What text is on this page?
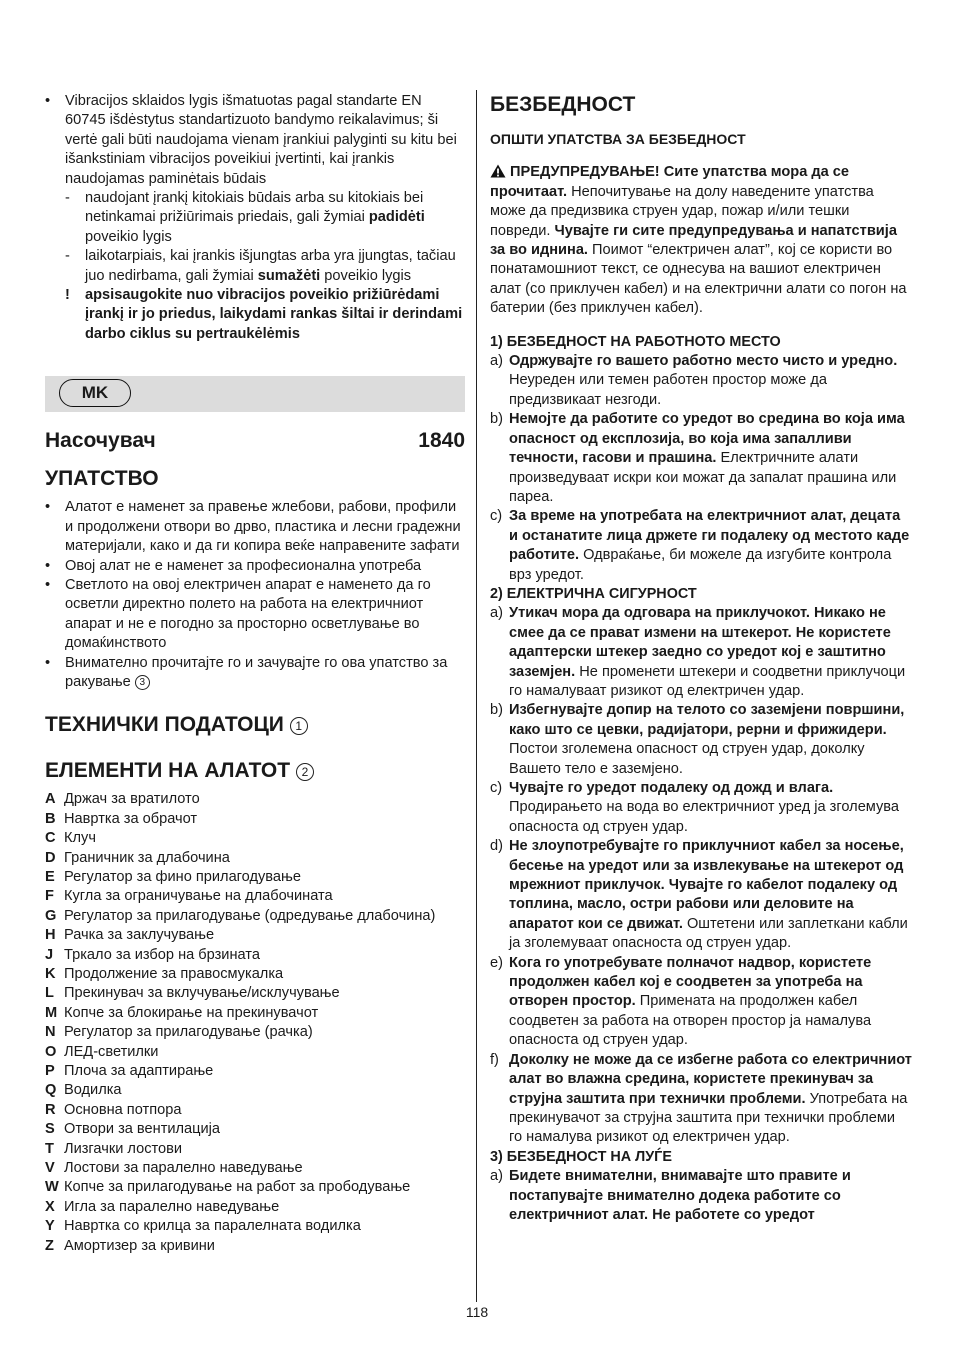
• Vibracijos sklaidos lygis išmatuotas pagal standarte EN 60745 išdėstytus standartizuoto bandymo reikalavimus; ši vertė gali būti naudojama vienam įrankiui palyginti su kitu bei išankstiniam vibracijos poveikiui įvertinti, kai įrankis naudojamas paminėtais būdais
- naudojant įrankį kitokiais būdais arba su kitokiais bei netinkamai prižiūrimais priedais, gali žymiai padidėti poveikio lygis
- laikotarpiais, kai įrankis išjungtas arba yra įjungtas, tačiau juo nedirbama, gali žymiai sumažėti poveikio lygis
! apsisaugokite nuo vibracijos poveikio prižiūrėdami įrankį ir jo priedus, laikydami rankas šiltai ir derindami darbo ciklus su pertraukėlėmis
MK
Насочувач	1840
УПАТСТВО
• Алатот е наменет за правење жлебови, рабови, профили и продолжени отвори во дрво, пластика и лесни градежни материјали, како и да ги копира веќе направените зафати
• Овој алат не е наменет за професионална употреба
• Светлото на овој електричен апарат е наменето да го осветли директно полето на работа на електричниот апарат и не е погодно за просторно осветлување во домаќинството
• Внимателно прочитајте го и зачувајте го ова упатство за ракување 3
ТЕХНИЧКИ ПОДАТОЦИ 1
ЕЛЕМЕНТИ НА АЛАТОТ 2
A Држач за вратилото
B Навртка за обрачот
C Клуч
D Граничник за длабочина
E Регулатор за фино прилагодување
F Кугла за ограничување на длабочината
G Регулатор за прилагодување (одредување длабочина)
H Рачка за заклучување
J Тркало за избор на брзината
K Продолжение за правосмукалка
L Прекинувач за вклучување/исклучување
M Копче за блокирање на прекинувачот
N Регулатор за прилагодување (рачка)
O ЛЕД-светилки
P Плоча за адаптирање
Q Водилка
R Основна потпора
S Отвори за вентилација
T Лизгачки лостови
V Лостови за паралелно наведување
W Копче за прилагодување на работ за прободување
X Игла за паралелно наведување
Y Навртка со крилца за паралелната водилка
Z Амортизер за кривини
БЕЗБЕДНОСТ
ОПШТИ УПАТСТВА ЗА БЕЗБЕДНОСТ
ПРЕДУПРЕДУВАЊЕ! Сите упатства мора да се прочитаат. Непочитување на долу наведените упатства може да предизвика струен удар, пожар и/или тешки повреди. Чувајте ги сите предупредувања и напатствија за во иднина. Поимот “електричен алат”, кој се користи во понатамошниот текст, се однесува на вашиот електричен алат (со приклучен кабел) и на електрични алати со погон на батерии (без приклучен кабел).
1) БЕЗБЕДНОСТ НА РАБОТНОТО МЕСТО
a) Одржувајте го вашето работно место чисто и уредно. Неуреден или темен работен простор може да предизвикaат незгоди.
b) Немојте да работите со уредот во средина во која има опасност од експлозија, во која има запалливи течности, гасови и прашина. Електричните алати произведуваат искри кои можат да запалат прашина или пареа.
c) За време на употребата на електричниот алат, децата и останатите лица држете ги подалеку од местото каде работите. Одвраќање, би можеле да изгубите контрола врз уредот.
2) ЕЛЕКТРИЧНА СИГУРНОСТ
a) Утикач мора да одговара на приклучокот. Никако не смее да се прават измени на штекерот. Не користете адаптерски штекер заедно со уредот кој е заштитно заземјен. Не променети штекери и соодветни приклучоци го намалуваат ризикот од електричен удар.
b) Избегнувајте допир на телото со заземјени површини, како што се цевки, радијатори, рерни и фрижидери. Постои зголемена опасност од струен удар, доколку Вашето тело е заземјено.
c) Чувајте го уредот подалеку од дожд и влага. Продирањето на вода во електричниот уред ја зголемува опасноста од струен удар.
d) Не злоупотребувајте го приклучниот кабел за носење, бесење на уредот или за извлекување на штекерот од мрежниот приклучок. Чувајте го кабелот подалеку од топлина, масло, остри рабови или деловите на апаратот кои се движат. Оштетени или заплеткани кабли ја зголемуваат опасноста од струен удар.
e) Кога го употребувате полначот надвор, користете продолжен кабел кој е соодветен за употреба на отворен простор. Примената на продолжен кабел соодветен за работа на отворен простор ја намалува опасноста од струен удар.
f) Доколку не може да се избегне работа со електричниот алат во влажна средина, користете прекинувач за струјна заштита при технички проблеми. Употребата на прекинувачот за струјна заштита при технички проблеми го намалува ризикот од електричен удар.
3) БЕЗБЕДНОСТ НА ЛУЃЕ
a) Бидете внимателни, внимавајте што правите и постапувајте внимателно додека работите со електричниот алат. Не работете со уредот
118
